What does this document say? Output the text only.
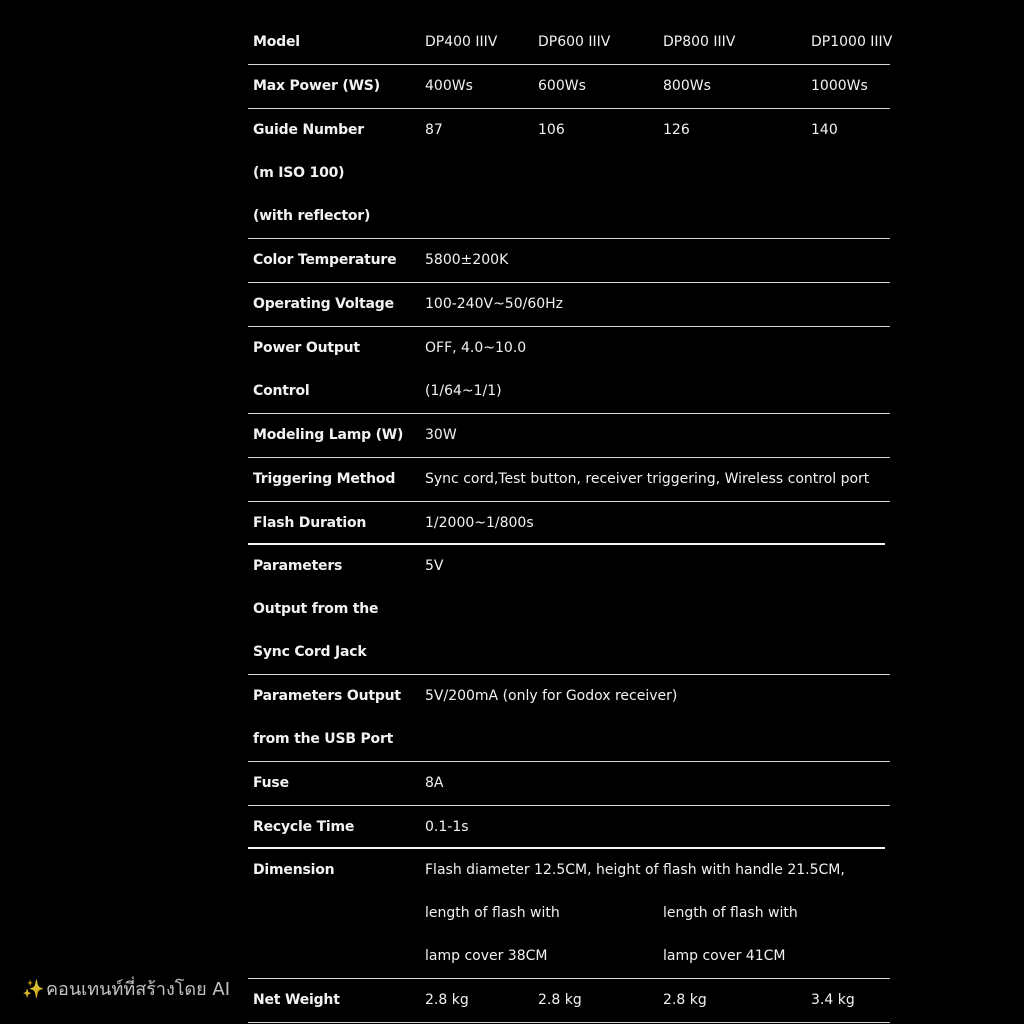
Model	DP400 IIIV	DP600 IIIV	DP800 IIIV	DP1000 IIIV
Max Power (WS)	400Ws	600Ws	800Ws	1000Ws
Guide Number	87	106	126	140
(m ISO 100)
(with reflector)
Color Temperature 5800±200K
Operating Voltage 100-240V~50/60Hz
Power Output	OFF, 4.0~10.0
Control	(1/64~1/1)
Modeling Lamp (W) 30W
Triggering Method Sync cord,Test button, receiver triggering, Wireless control port
Flash Duration	1/2000~1/800s
Parameters	5V
Output from the
Sync Cord Jack
Parameters Output 5V/200mA (only for Godox receiver)
from the USB Port
Fuse	8A
Recycle Time	0.1-1s
Dimension	Flash diameter 12.5CM, height of flash with handle 21.5CM,
length of flash with	length of flash with
lamp cover 38CM	lamp cover 41CM
Net Weight	2.8 kg	2.8 kg	2.8 kg	3.4 kg
✨คอนเทนท์ที่สร้างโดย AI
